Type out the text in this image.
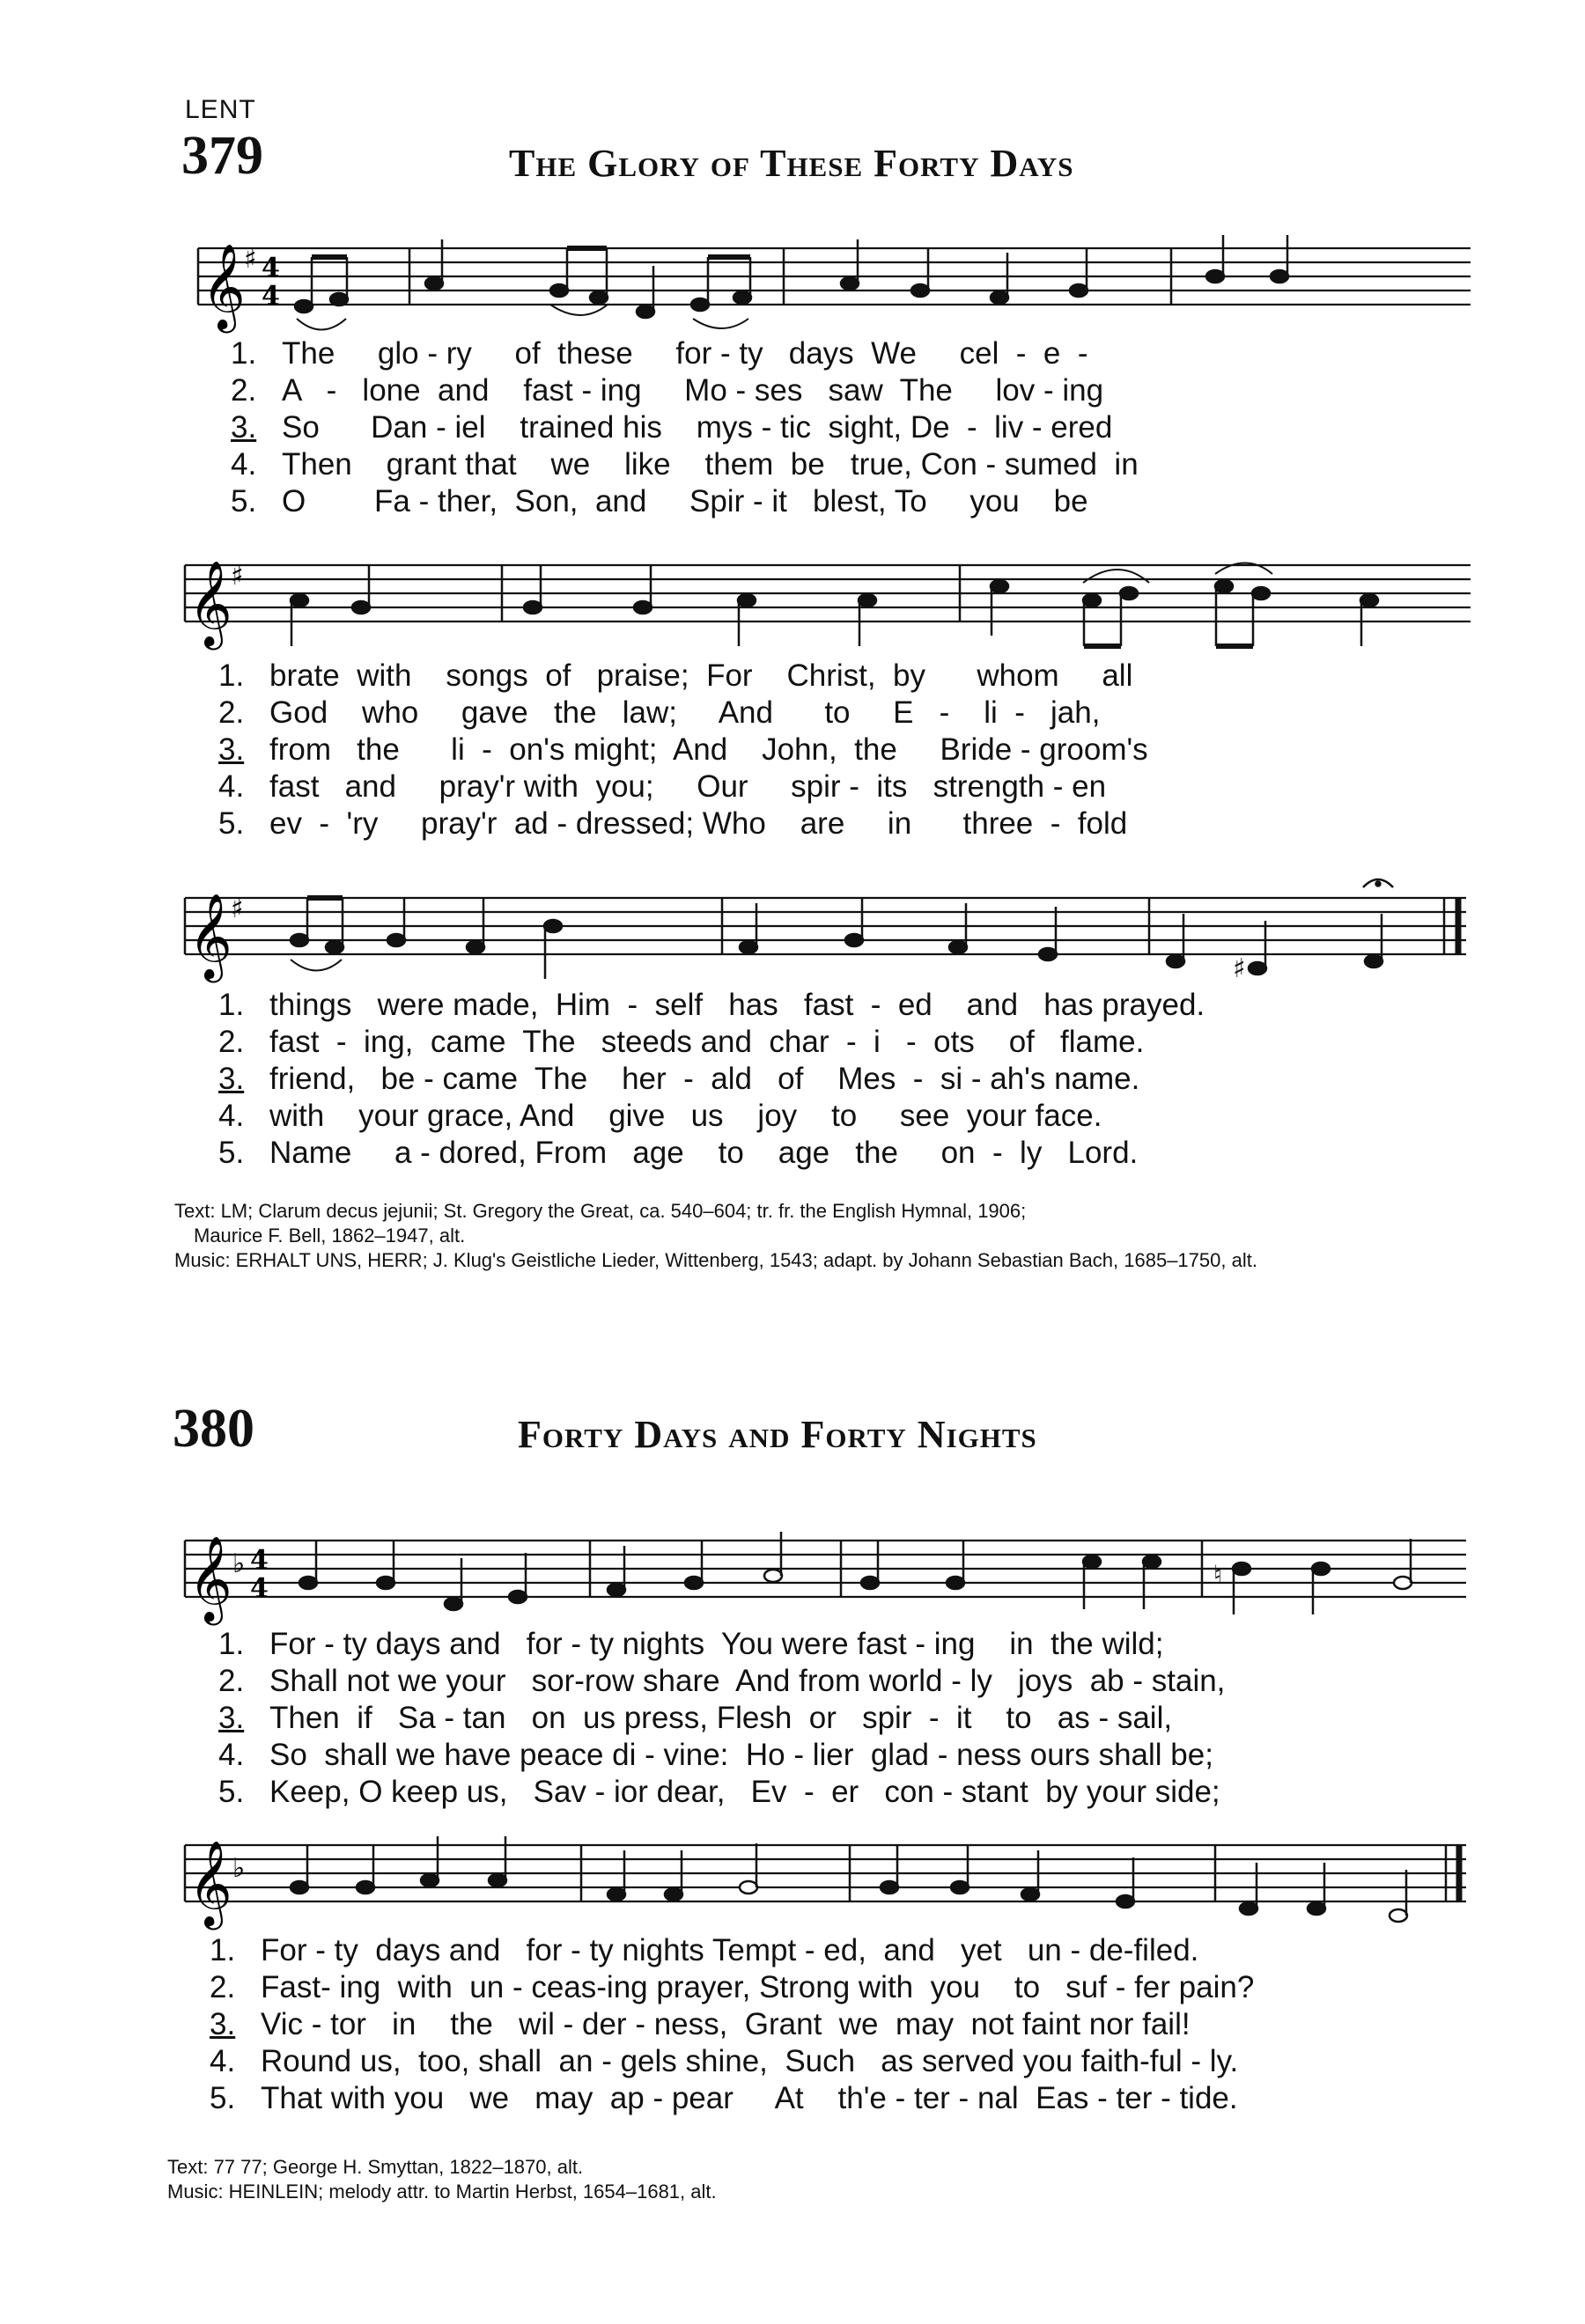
LENT
379	The Glory of These Forty Days
𝄞
♯ 4
4
1. The     glo - ry     of  these     for - ty   days  We     cel  -  e  -
2. A   -   lone  and    fast - ing     Mo - ses   saw  The     lov - ing
3. So      Dan - iel    trained his    mys - tic  sight, De  -  liv - ered
4. Then    grant that    we    like    them  be   true, Con - sumed  in
5. O        Fa - ther,  Son,  and     Spir - it   blest, To     you    be
𝄞
♯
1. brate  with    songs  of   praise;  For    Christ,  by      whom     all
2. God    who     gave   the   law;     And      to     E   -    li  -   jah,
3. from   the      li  -  on's might;  And    John,  the     Bride - groom's
4. fast   and     pray'r with  you;     Our     spir -  its   strength - en
5. ev  -  'ry     pray'r  ad - dressed; Who    are     in      three  -  fold
𝄞
♯
♯
1. things   were made,  Him  -  self   has   fast  -  ed    and   has prayed.
2. fast  -  ing,  came  The   steeds and  char  -  i   -  ots    of   flame.
3. friend,   be - came  The    her  -  ald   of    Mes  -  si - ah's name.
4. with    your grace, And    give   us    joy    to     see  your face.
5. Name     a - dored, From   age    to    age   the     on  -  ly   Lord.
Text: LM; Clarum decus jejunii; St. Gregory the Great, ca. 540–604; tr. fr. the English Hymnal, 1906;

Maurice F. Bell, 1862–1947, alt.
Music: ERHALT UNS, HERR; J. Klug's Geistliche Lieder, Wittenberg, 1543; adapt. by Johann Sebastian Bach, 1685–1750, alt.
380	Forty Days and Forty Nights
𝄞 ♭ 4
4	♮
1. For - ty days and   for - ty nights  You were fast - ing    in  the wild;
2. Shall not we your   sor-row share  And from world - ly   joys  ab - stain,
3. Then  if   Sa - tan   on  us press, Flesh  or   spir  -  it    to   as - sail,
4. So  shall we have peace di - vine:  Ho - lier  glad - ness ours shall be;
5. Keep, O keep us,   Sav - ior dear,   Ev  -  er   con - stant  by your side;
𝄞 ♭
1. For - ty  days and   for - ty nights Tempt - ed,  and   yet   un - de-filed.
2. Fast- ing  with  un - ceas-ing prayer, Strong with  you    to   suf - fer pain?
3. Vic - tor   in    the   wil - der - ness,  Grant  we  may  not faint nor fail!
4. Round us,  too, shall  an - gels shine,  Such   as served you faith-ful - ly.
5. That with you   we   may  ap - pear     At    th'e - ter - nal  Eas - ter - tide.
Text: 77 77; George H. Smyttan, 1822–1870, alt.
Music: HEINLEIN; melody attr. to Martin Herbst, 1654–1681, alt.
